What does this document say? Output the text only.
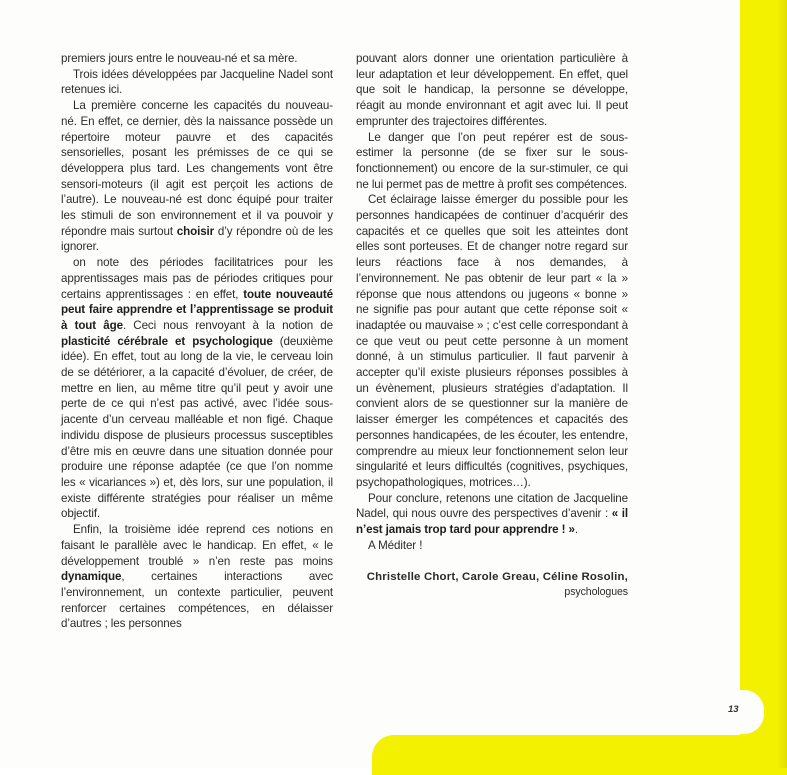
premiers jours entre le nouveau-né et sa mère.

Trois idées développées par Jacqueline Nadel sont retenues ici.

La première concerne les capacités du nouveau-né. En effet, ce dernier, dès la naissance possède un répertoire moteur pauvre et des capacités sensorielles, posant les prémisses de ce qui se développera plus tard. Les changements vont être sensori-moteurs (il agit est perçoit les actions de l’autre). Le nouveau-né est donc équipé pour traiter les stimuli de son environnement et il va pouvoir y répondre mais surtout choisir d’y répondre où de les ignorer.

on note des périodes facilitatrices pour les apprentissages mais pas de périodes critiques pour certains apprentissages : en effet, toute nouveauté peut faire apprendre et l’apprentissage se produit à tout âge. Ceci nous renvoyant à la notion de plasticité cérébrale et psychologique (deuxième idée). En effet, tout au long de la vie, le cerveau loin de se détériorer, a la capacité d’évoluer, de créer, de mettre en lien, au même titre qu’il peut y avoir une perte de ce qui n’est pas activé, avec l’idée sous-jacente d’un cerveau malléable et non figé. Chaque individu dispose de plusieurs processus susceptibles d’être mis en œuvre dans une situation donnée pour produire une réponse adaptée (ce que l’on nomme les « vicariances ») et, dès lors, sur une population, il existe différente stratégies pour réaliser un même objectif.

Enfin, la troisième idée reprend ces notions en faisant le parallèle avec le handicap. En effet, « le développement troublé » n’en reste pas moins dynamique, certaines interactions avec l’environnement, un contexte particulier, peuvent renforcer certaines compétences, en délaisser d’autres ; les personnes

pouvant alors donner une orientation particulière à leur adaptation et leur développement. En effet, quel que soit le handicap, la personne se développe, réagit au monde environnant et agit avec lui. Il peut emprunter des trajectoires différentes.

Le danger que l’on peut repérer est de sous-estimer la personne (de se fixer sur le sous-fonctionnement) ou encore de la sur-stimuler, ce qui ne lui permet pas de mettre à profit ses compétences.

Cet éclairage laisse émerger du possible pour les personnes handicapées de continuer d’acquérir des capacités et ce quelles que soit les atteintes dont elles sont porteuses. Et de changer notre regard sur leurs réactions face à nos demandes, à l’environnement. Ne pas obtenir de leur part « la » réponse que nous attendons ou jugeons « bonne » ne signifie pas pour autant que cette réponse soit « inadaptée ou mauvaise » ; c’est celle correspondant à ce que veut ou peut cette personne à un moment donné, à un stimulus particulier. Il faut parvenir à accepter qu’il existe plusieurs réponses possibles à un évènement, plusieurs stratégies d’adaptation. Il convient alors de se questionner sur la manière de laisser émerger les compétences et capacités des personnes handicapées, de les écouter, les entendre, comprendre au mieux leur fonctionnement selon leur singularité et leurs difficultés (cognitives, psychiques, psychopathologiques, motrices…).

Pour conclure, retenons une citation de Jacqueline Nadel, qui nous ouvre des perspectives d’avenir : « il n’est jamais trop tard pour apprendre ! ».

A Méditer !

Christelle Chort, Carole Greau, Céline Rosolin,
psychologues
13
